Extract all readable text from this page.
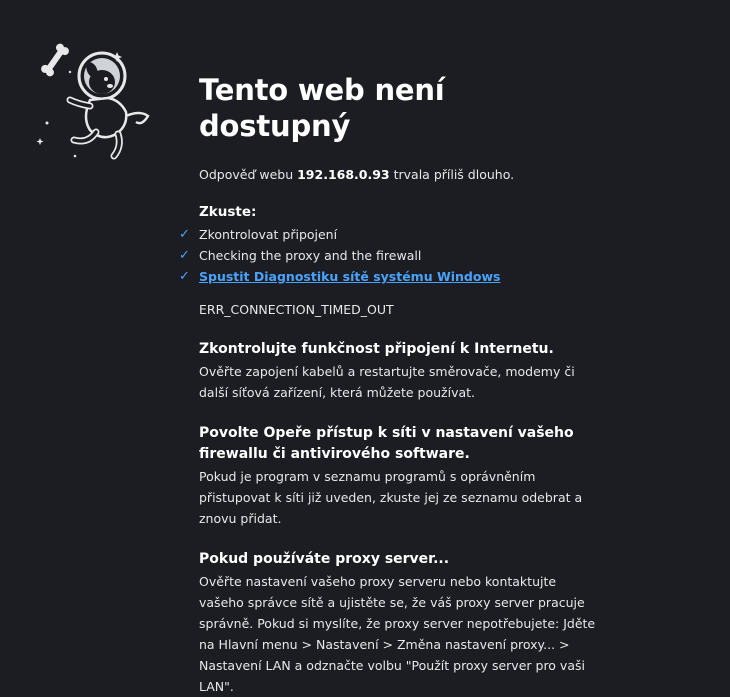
Tento web není dostupný
Odpověď webu 192.168.0.93 trvala příliš dlouho.
Zkuste:
✓ Zkontrolovat připojení
✓ Checking the proxy and the firewall
✓ Spustit Diagnostiku sítě systému Windows
ERR_CONNECTION_TIMED_OUT
Zkontrolujte funkčnost připojení k Internetu.

Ověřte zapojení kabelů a restartujte směrovače, modemy či další síťová zařízení, která můžete používat.

Povolte Opeře přístup k síti v nastavení vašeho firewallu či antivirového software.

Pokud je program v seznamu programů s oprávněním přistupovat k síti již uveden, zkuste jej ze seznamu odebrat a znovu přidat.

Pokud používáte proxy server...

Ověřte nastavení vašeho proxy serveru nebo kontaktujte vašeho správce sítě a ujistěte se, že váš proxy server pracuje správně. Pokud si myslíte, že proxy server nepotřebujete: Jděte na Hlavní menu > Nastavení > Změna nastavení proxy... > Nastavení LAN a odznačte volbu "Použít proxy server pro vaši LAN".
